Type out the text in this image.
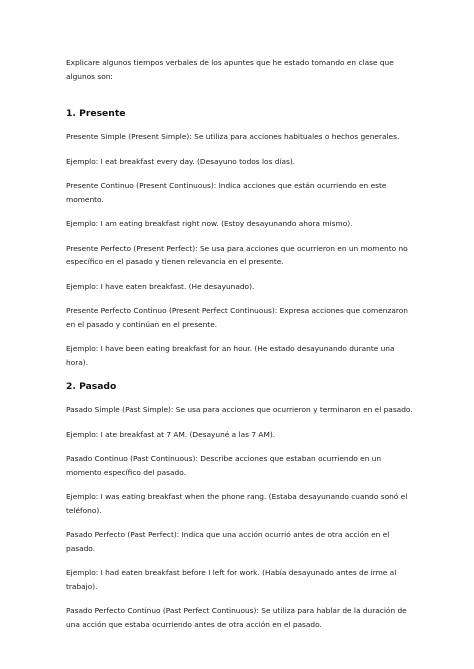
Explicare algunos tiempos verbales de los apuntes que he estado tomando en clase que algunos son:

1. Presente

Presente Simple (Present Simple): Se utiliza para acciones habituales o hechos generales.

Ejemplo: I eat breakfast every day. (Desayuno todos los días).

Presente Continuo (Present Continuous): Indica acciones que están ocurriendo en este momento.

Ejemplo: I am eating breakfast right now. (Estoy desayunando ahora mismo).

Presente Perfecto (Present Perfect): Se usa para acciones que ocurrieron en un momento no específico en el pasado y tienen relevancia en el presente.

Ejemplo: I have eaten breakfast. (He desayunado).

Presente Perfecto Continuo (Present Perfect Continuous): Expresa acciones que comenzaron en el pasado y continúan en el presente.

Ejemplo: I have been eating breakfast for an hour. (He estado desayunando durante una hora).

2. Pasado

Pasado Simple (Past Simple): Se usa para acciones que ocurrieron y terminaron en el pasado.

Ejemplo: I ate breakfast at 7 AM. (Desayuné a las 7 AM).

Pasado Continuo (Past Continuous): Describe acciones que estaban ocurriendo en un momento específico del pasado.

Ejemplo: I was eating breakfast when the phone rang. (Estaba desayunando cuando sonó el teléfono).

Pasado Perfecto (Past Perfect): Indica que una acción ocurrió antes de otra acción en el pasado.

Ejemplo: I had eaten breakfast before I left for work. (Había desayunado antes de irme al trabajo).

Pasado Perfecto Continuo (Past Perfect Continuous): Se utiliza para hablar de la duración de una acción que estaba ocurriendo antes de otra acción en el pasado.
